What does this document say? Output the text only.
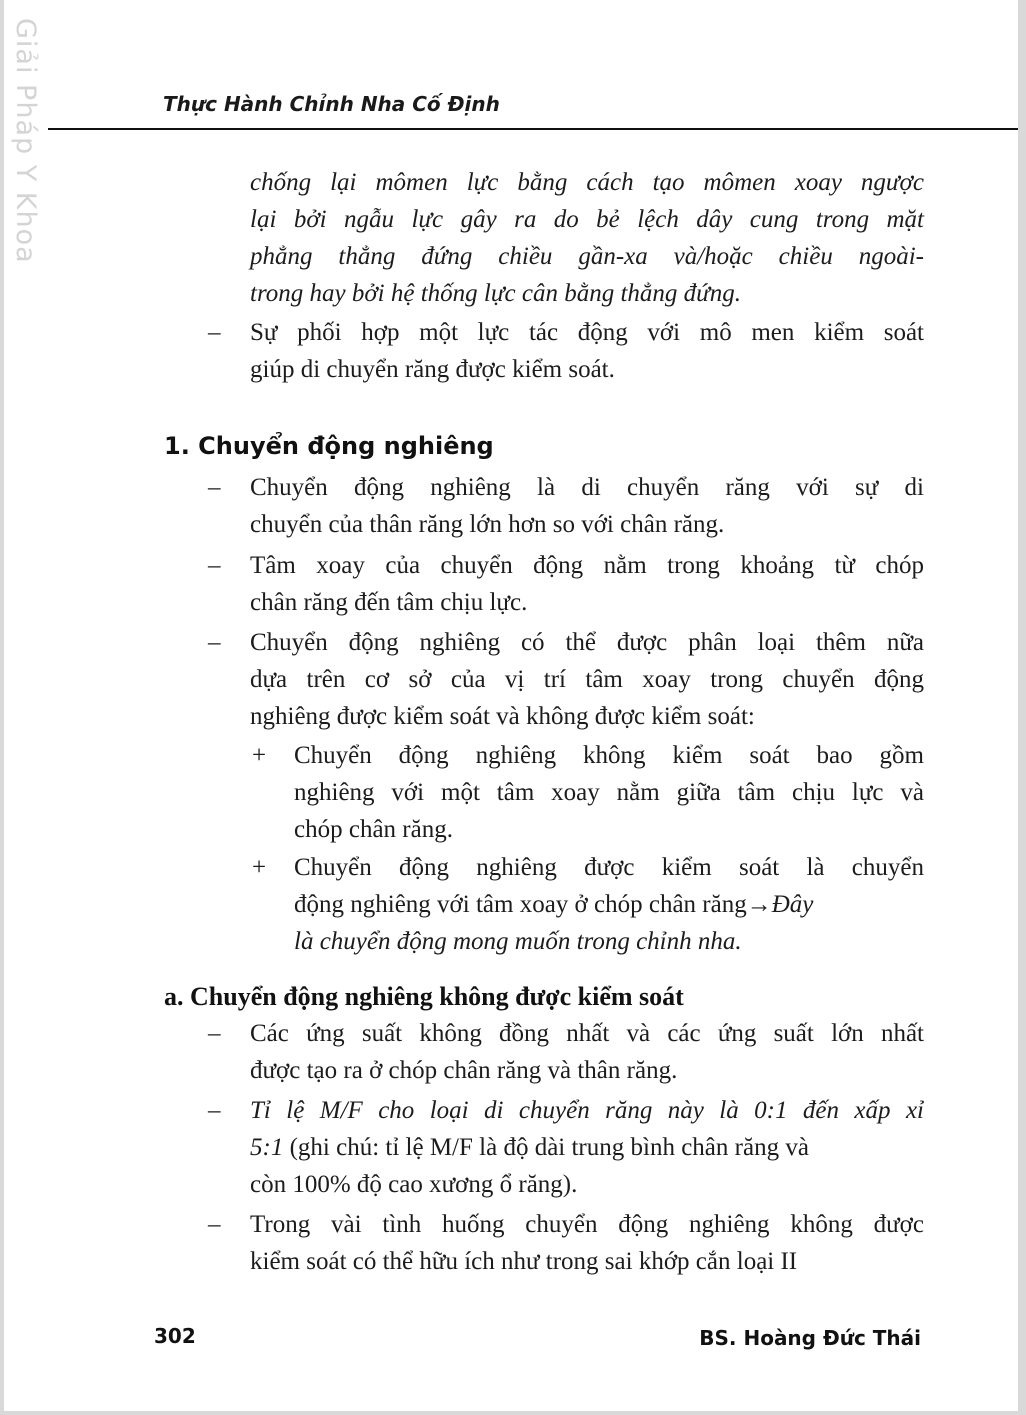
Giải Pháp Y Khoa	Thực Hành Chỉnh Nha Cố Định
chống lại mômen lực bằng cách tạo mômen xoay ngược
lại bởi ngẫu lực gây ra do bẻ lệch dây cung trong mặt
phẳng thẳng đứng chiều gần-xa và/hoặc chiều ngoài-
trong hay bởi hệ thống lực cân bằng thẳng đứng.
– Sự phối hợp một lực tác động với mô men kiểm soát
giúp di chuyển răng được kiểm soát.
1. Chuyển động nghiêng
– Chuyển động nghiêng là di chuyển răng với sự di
chuyển của thân răng lớn hơn so với chân răng.
– Tâm xoay của chuyển động nằm trong khoảng từ chóp
chân răng đến tâm chịu lực.
– Chuyển động nghiêng có thể được phân loại thêm nữa
dựa trên cơ sở của vị trí tâm xoay trong chuyển động
nghiêng được kiểm soát và không được kiểm soát:
+ Chuyển động nghiêng không kiểm soát bao gồm
nghiêng với một tâm xoay nằm giữa tâm chịu lực và
chóp chân răng.
+ Chuyển động nghiêng được kiểm soát là chuyển
động nghiêng với tâm xoay ở chóp chân răng→Đây
là chuyển động mong muốn trong chỉnh nha.
a. Chuyển động nghiêng không được kiểm soát
– Các ứng suất không đồng nhất và các ứng suất lớn nhất
được tạo ra ở chóp chân răng và thân răng.
– Tỉ lệ M/F cho loại di chuyển răng này là 0:1 đến xấp xỉ
5:1 (ghi chú: tỉ lệ M/F là độ dài trung bình chân răng và
còn 100% độ cao xương ổ răng).
– Trong vài tình huống chuyển động nghiêng không được
kiểm soát có thể hữu ích như trong sai khớp cắn loại II
302	BS. Hoàng Đức Thái
